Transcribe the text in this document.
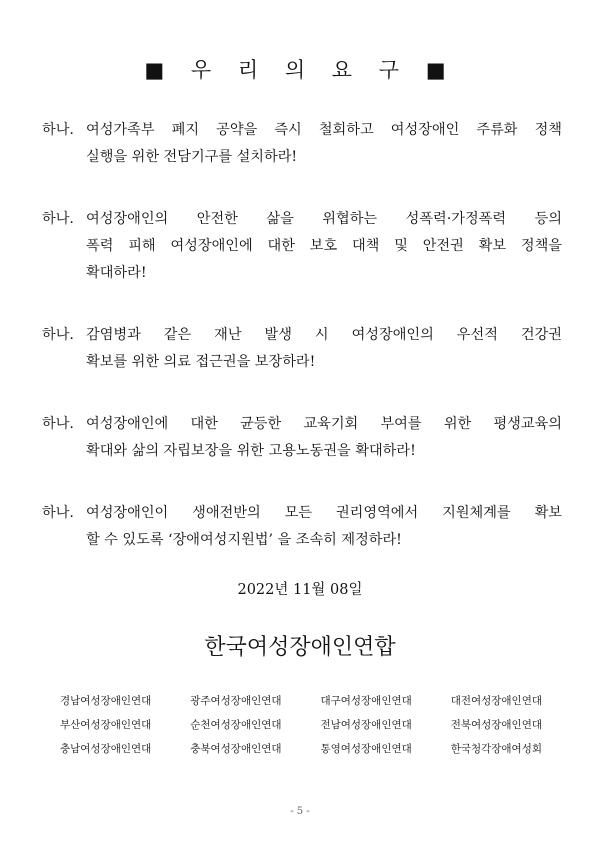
■ 우 리 의 요 구 ■

하나. 여성가족부 폐지 공약을 즉시 철회하고 여성장애인 주류화 정책
실행을 위한 전담기구를 설치하라!

하나. 여성장애인의 안전한 삶을 위협하는 성폭력·가정폭력 등의
폭력 피해 여성장애인에 대한 보호 대책 및 안전권 확보 정책을
확대하라!

하나. 감염병과 같은 재난 발생 시 여성장애인의 우선적 건강권
확보를 위한 의료 접근권을 보장하라!

하나. 여성장애인에 대한 균등한 교육기회 부여를 위한 평생교육의
확대와 삶의 자립보장을 위한 고용노동권을 확대하라!

하나. 여성장애인이 생애전반의 모든 권리영역에서 지원체계를 확보
할 수 있도록 ‘장애여성지원법’ 을 조속히 제정하라!

2022년 11월 08일
한국여성장애인연합
경남여성장애인연대	광주여성장애인연대	대구여성장애인연대	대전여성장애인연대
부산여성장애인연대	순천여성장애인연대	전남여성장애인연대	전북여성장애인연대
충남여성장애인연대	충북여성장애인연대	통영여성장애인연대	한국청각장애여성회
- 5 -
